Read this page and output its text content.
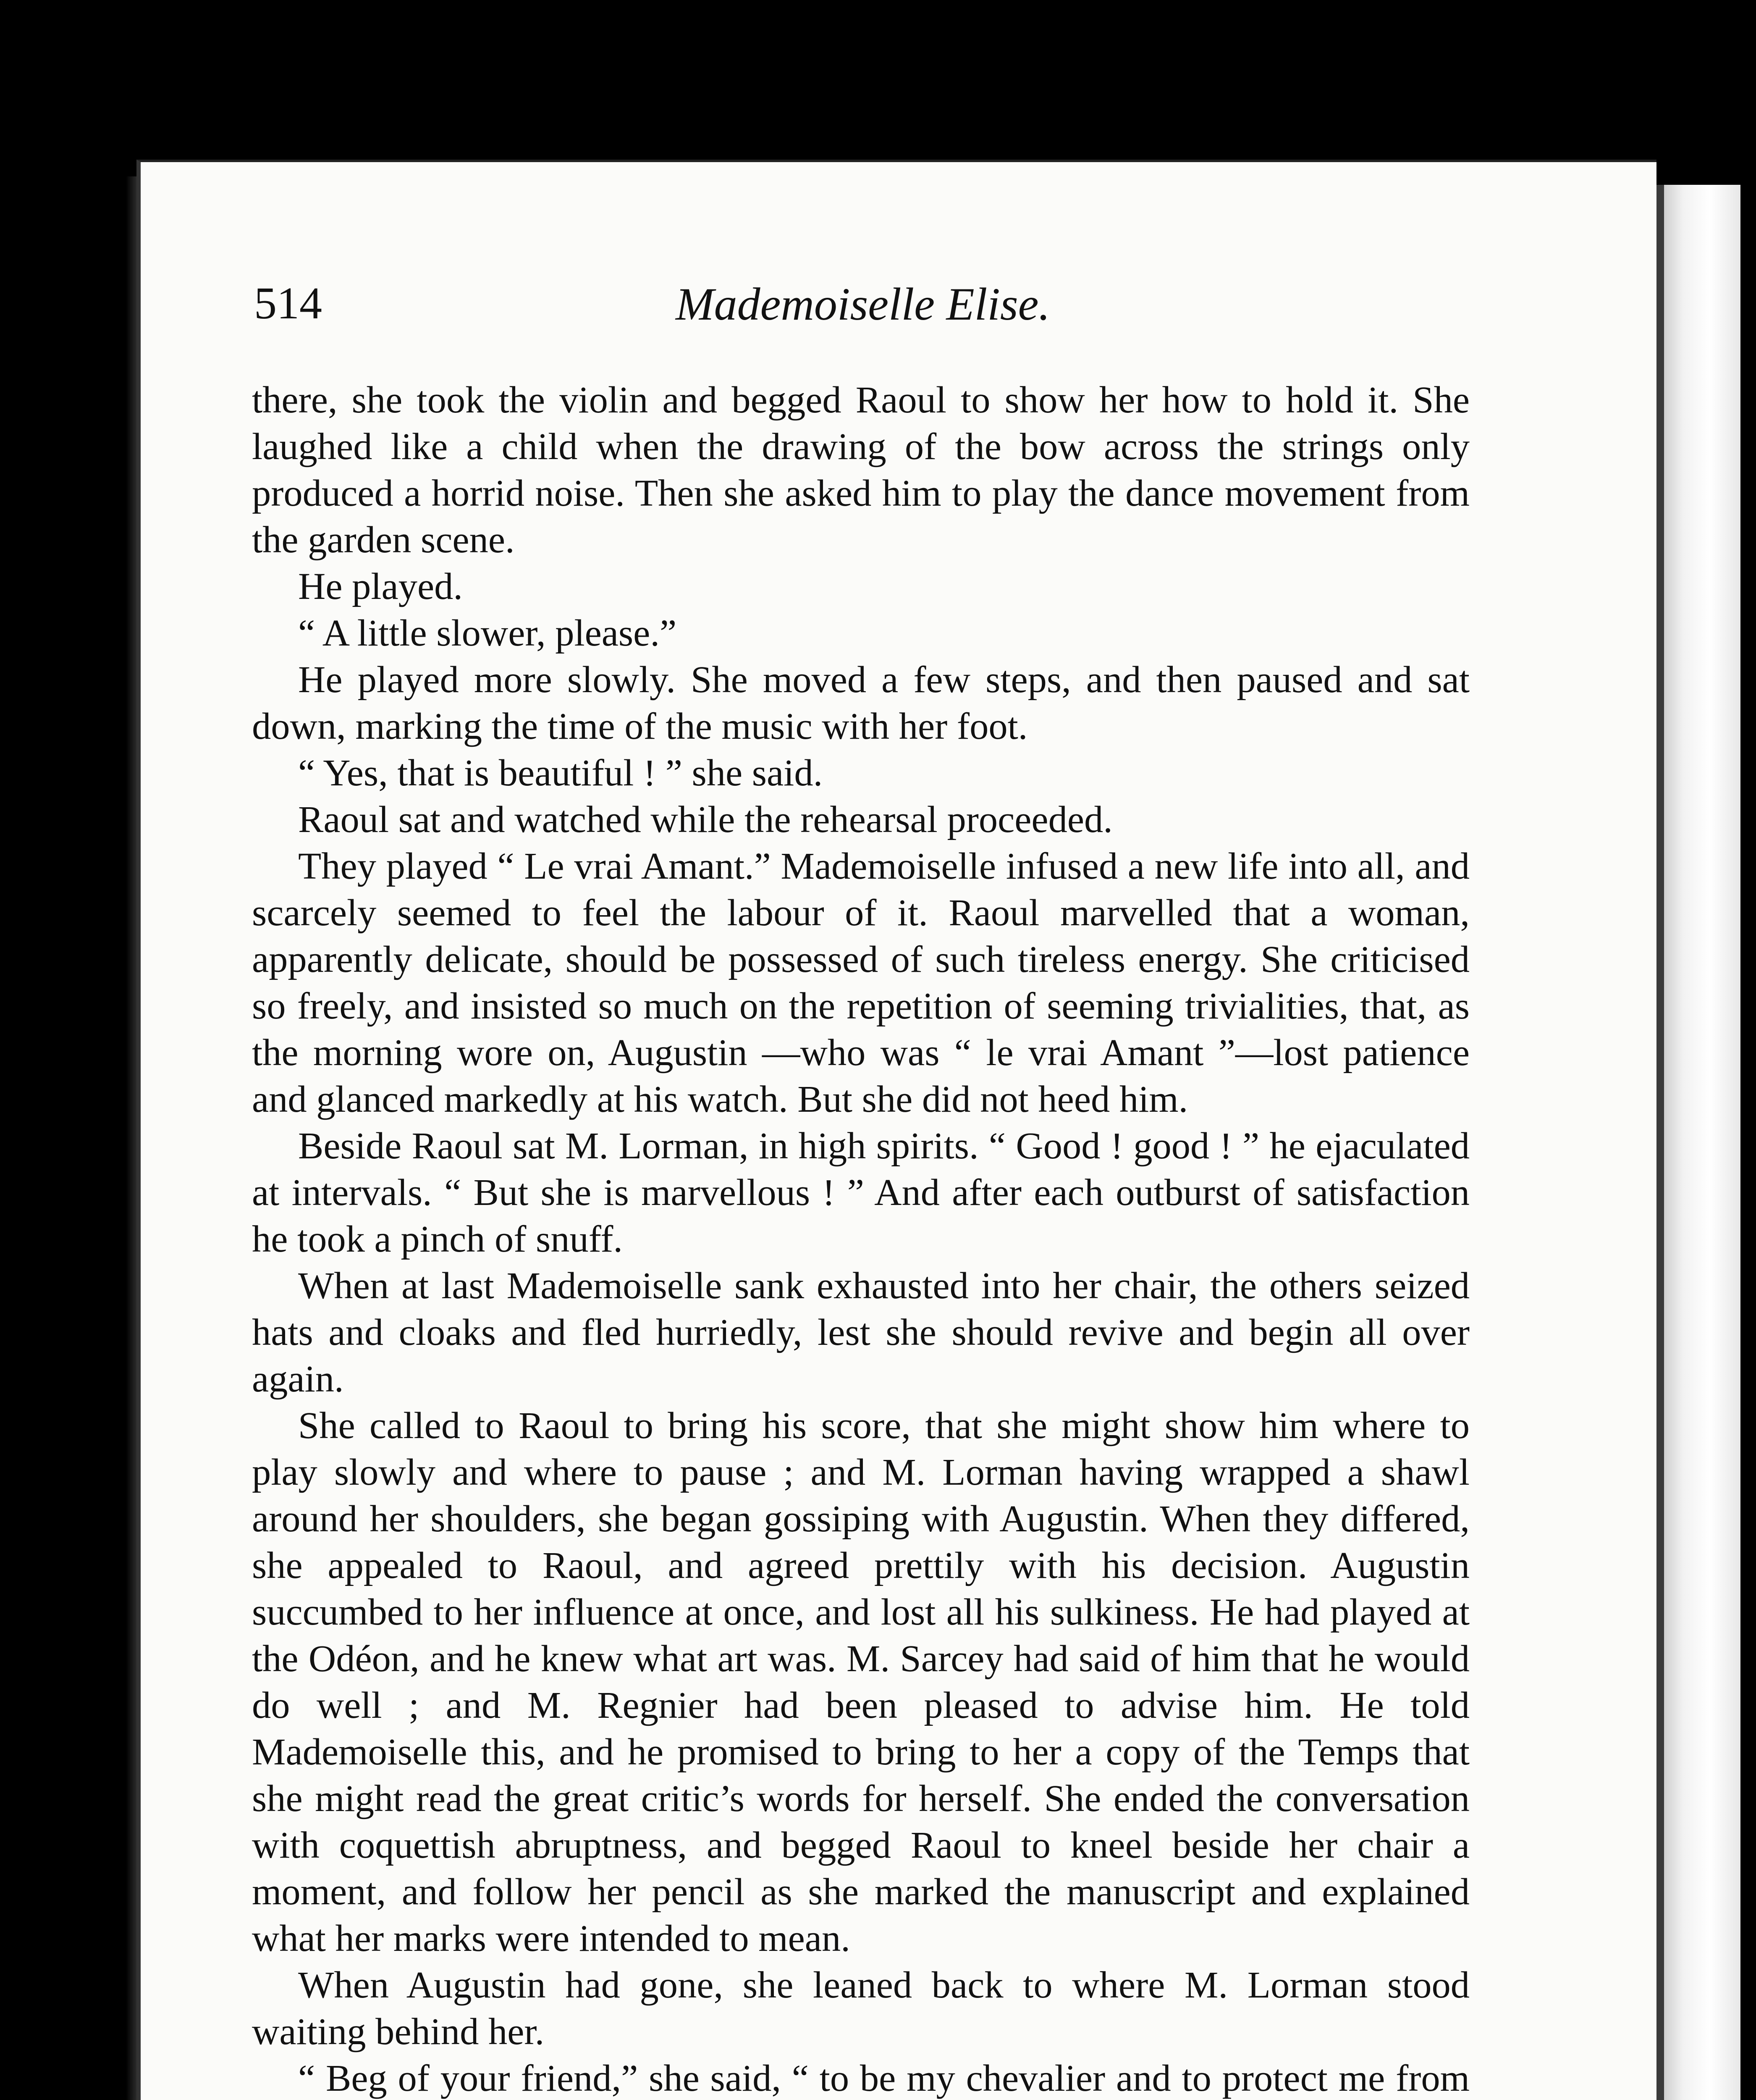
514	Mademoiselle Elise.

there, she took the violin and begged Raoul to show her how to hold it. She laughed like a child when the drawing of the bow across the strings only produced a horrid noise. Then she asked him to play the dance movement from the garden scene.

He played.

“ A little slower, please.”

He played more slowly. She moved a few steps, and then paused and sat down, marking the time of the music with her foot.

“ Yes, that is beautiful ! ” she said.

Raoul sat and watched while the rehearsal proceeded.

They played “ Le vrai Amant.” Mademoiselle infused a new life into all, and scarcely seemed to feel the labour of it. Raoul marvelled that a woman, apparently delicate, should be possessed of such tireless energy. She criticised so freely, and insisted so much on the repetition of seeming trivialities, that, as the morning wore on, Augustin —who was “ le vrai Amant ”—lost patience and glanced markedly at his watch. But she did not heed him.

Beside Raoul sat M. Lorman, in high spirits. “ Good ! good ! ” he ejaculated at intervals. “ But she is marvellous ! ” And after each outburst of satisfaction he took a pinch of snuff.

When at last Mademoiselle sank exhausted into her chair, the others seized hats and cloaks and fled hurriedly, lest she should revive and begin all over again.

She called to Raoul to bring his score, that she might show him where to play slowly and where to pause ; and M. Lorman having wrapped a shawl around her shoulders, she began gossiping with Augustin. When they differed, she appealed to Raoul, and agreed prettily with his decision. Augustin succumbed to her influence at once, and lost all his sulkiness. He had played at the Odéon, and he knew what art was. M. Sarcey had said of him that he would do well ; and M. Regnier had been pleased to advise him. He told Mademoiselle this, and he promised to bring to her a copy of the Temps that she might read the great critic’s words for herself. She ended the conversation with coquettish abruptness, and begged Raoul to kneel beside her chair a moment, and follow her pencil as she marked the manuscript and explained what her marks were intended to mean.

When Augustin had gone, she leaned back to where M. Lorman stood waiting behind her.

“ Beg of your friend,” she said, “ to be my chevalier and to protect me from
